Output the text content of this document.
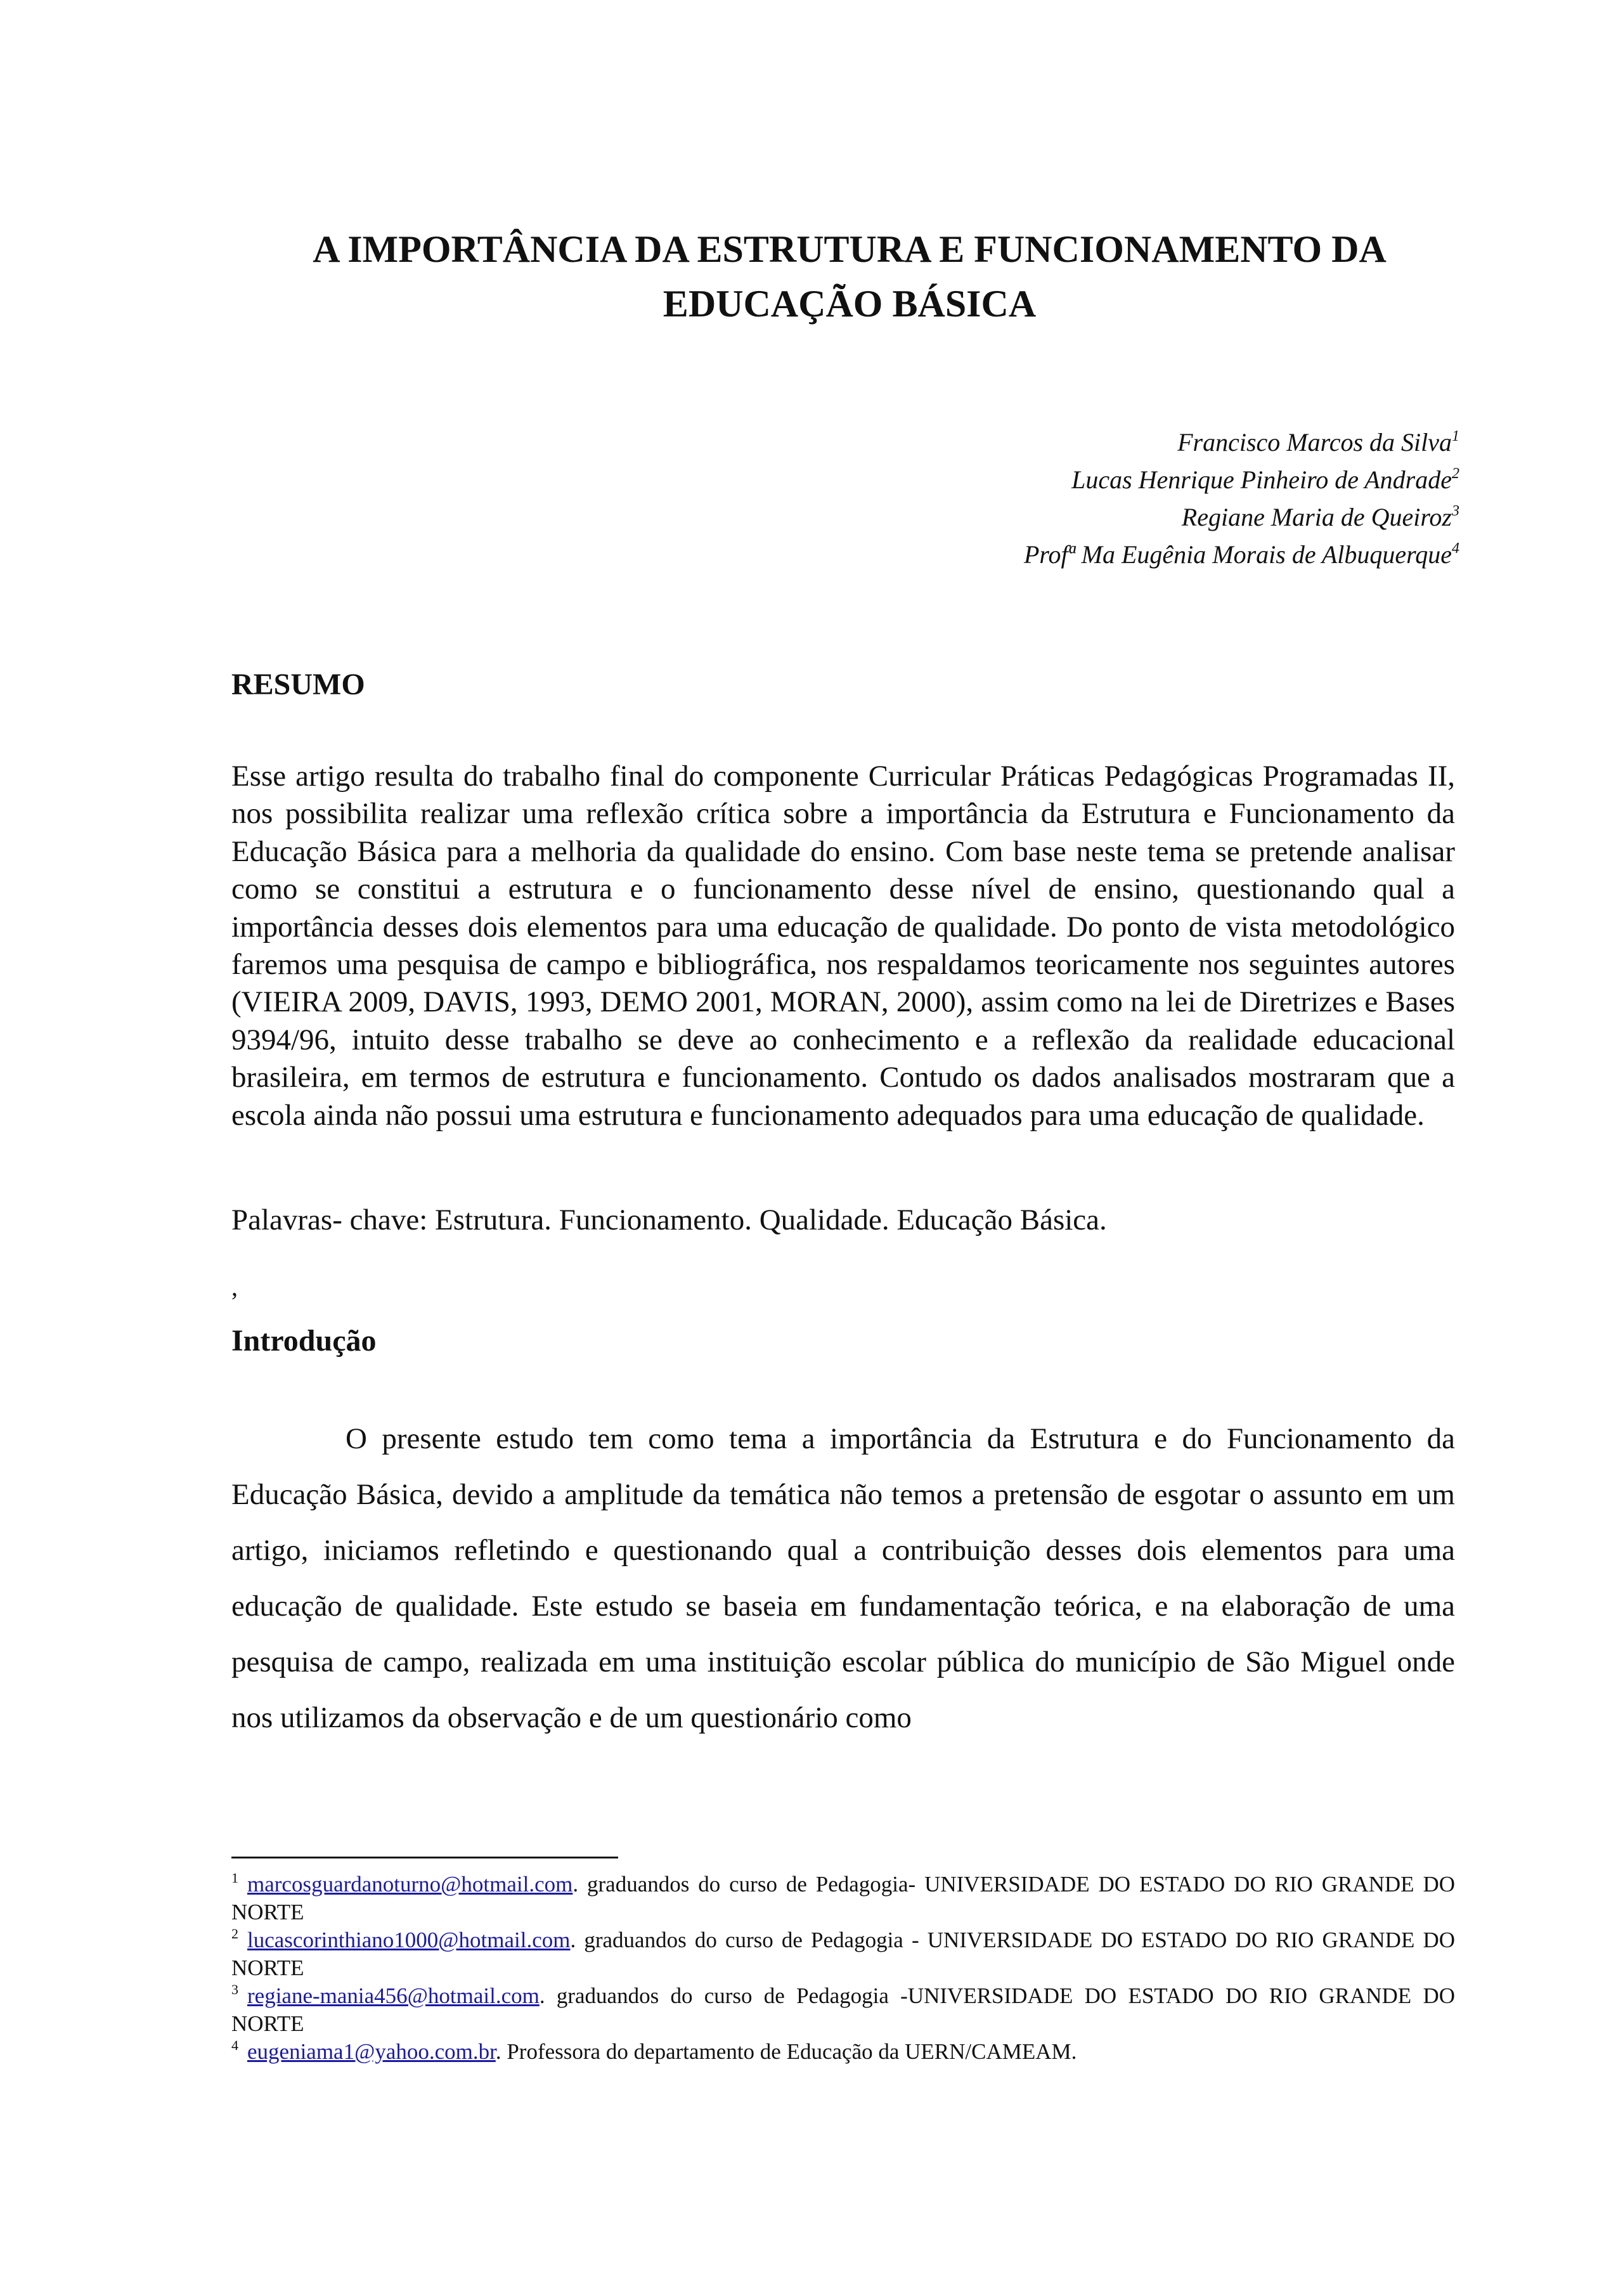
A IMPORTÂNCIA DA ESTRUTURA E FUNCIONAMENTO DA
EDUCAÇÃO BÁSICA
Francisco Marcos da Silva$^1$
Lucas Henrique Pinheiro de Andrade$^2$
Regiane Maria de Queiroz$^3$
Profª Ma Eugênia Morais de Albuquerque$^4$
RESUMO

Esse artigo resulta do trabalho final do componente Curricular Práticas Pedagógicas Programadas II, nos possibilita realizar uma reflexão crítica sobre a importância da Estrutura e Funcionamento da Educação Básica para a melhoria da qualidade do ensino. Com base neste tema se pretende analisar como se constitui a estrutura e o funcionamento desse nível de ensino, questionando qual a importância desses dois elementos para uma educação de qualidade. Do ponto de vista metodológico faremos uma pesquisa de campo e bibliográfica, nos respaldamos teoricamente nos seguintes autores (VIEIRA 2009, DAVIS, 1993, DEMO 2001, MORAN, 2000), assim como na lei de Diretrizes e Bases 9394/96, intuito desse trabalho se deve ao conhecimento e a reflexão da realidade educacional brasileira, em termos de estrutura e funcionamento. Contudo os dados analisados mostraram que a escola ainda não possui uma estrutura e funcionamento adequados para uma educação de qualidade.

Palavras- chave: Estrutura. Funcionamento. Qualidade. Educação Básica.

,
Introdução

O presente estudo tem como tema a importância da Estrutura e do Funcionamento da Educação Básica, devido a amplitude da temática não temos a pretensão de esgotar o assunto em um artigo, iniciamos refletindo e questionando qual a contribuição desses dois elementos para uma educação de qualidade. Este estudo se baseia em fundamentação teórica, e na elaboração de uma pesquisa de campo, realizada em uma instituição escolar pública do município de São Miguel onde nos utilizamos da observação e de um questionário como

$^1$ marcosguardanoturno@hotmail.com. graduandos do curso de Pedagogia- UNIVERSIDADE DO ESTADO DO RIO GRANDE DO NORTE

$^2$ lucascorinthiano1000@hotmail.com. graduandos do curso de Pedagogia - UNIVERSIDADE DO ESTADO DO RIO GRANDE DO NORTE

$^3$ regiane-mania456@hotmail.com. graduandos do curso de Pedagogia -UNIVERSIDADE DO ESTADO DO RIO GRANDE DO NORTE

$^4$ eugeniama1@yahoo.com.br. Professora do departamento de Educação da UERN/CAMEAM.
